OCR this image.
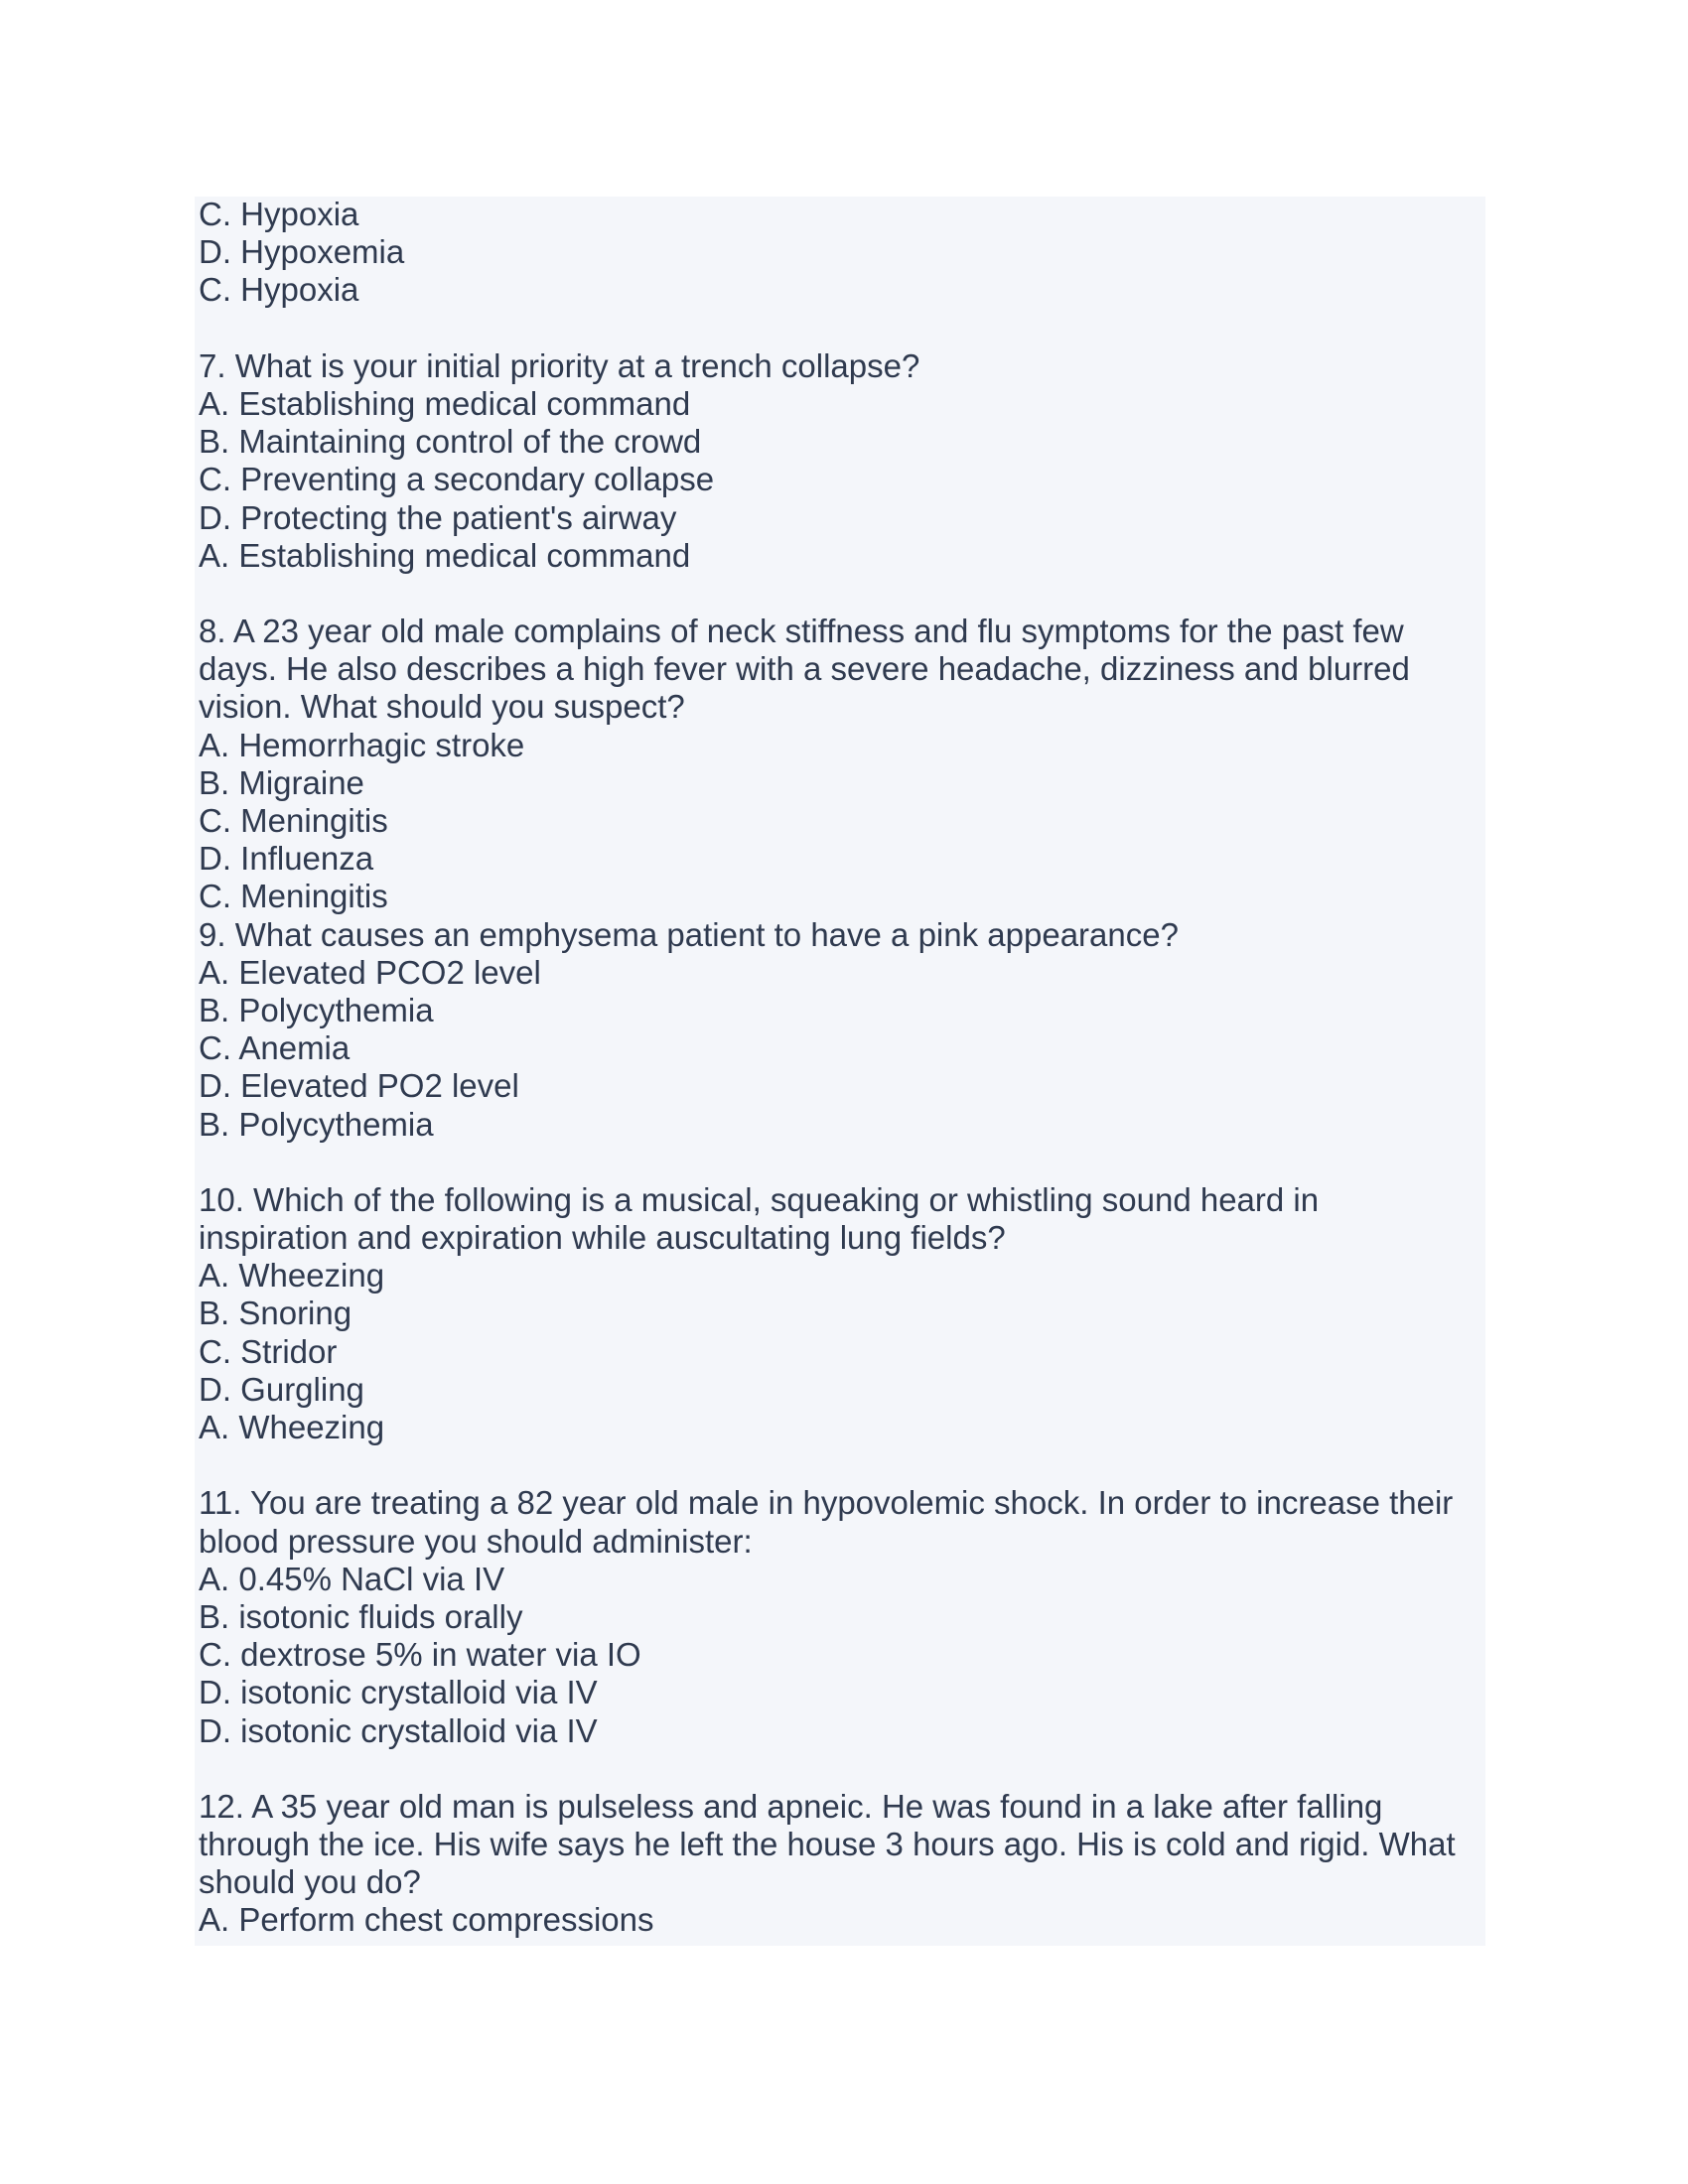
C. Hypoxia

D. Hypoxemia

C. Hypoxia

7. What is your initial priority at a trench collapse?

A. Establishing medical command

B. Maintaining control of the crowd

C. Preventing a secondary collapse

D. Protecting the patient's airway

A. Establishing medical command

8. A 23 year old male complains of neck stiffness and flu symptoms for the past few

days. He also describes a high fever with a severe headache, dizziness and blurred

vision. What should you suspect?

A. Hemorrhagic stroke

B. Migraine

C. Meningitis

D. Influenza

C. Meningitis

9. What causes an emphysema patient to have a pink appearance?

A. Elevated PCO2 level

B. Polycythemia

C. Anemia

D. Elevated PO2 level

B. Polycythemia

10. Which of the following is a musical, squeaking or whistling sound heard in

inspiration and expiration while auscultating lung fields?

A. Wheezing

B. Snoring

C. Stridor

D. Gurgling

A. Wheezing

11. You are treating a 82 year old male in hypovolemic shock. In order to increase their

blood pressure you should administer:

A. 0.45% NaCl via IV

B. isotonic fluids orally

C. dextrose 5% in water via IO

D. isotonic crystalloid via IV

D. isotonic crystalloid via IV

12. A 35 year old man is pulseless and apneic. He was found in a lake after falling

through the ice. His wife says he left the house 3 hours ago. His is cold and rigid. What

should you do?

A. Perform chest compressions
